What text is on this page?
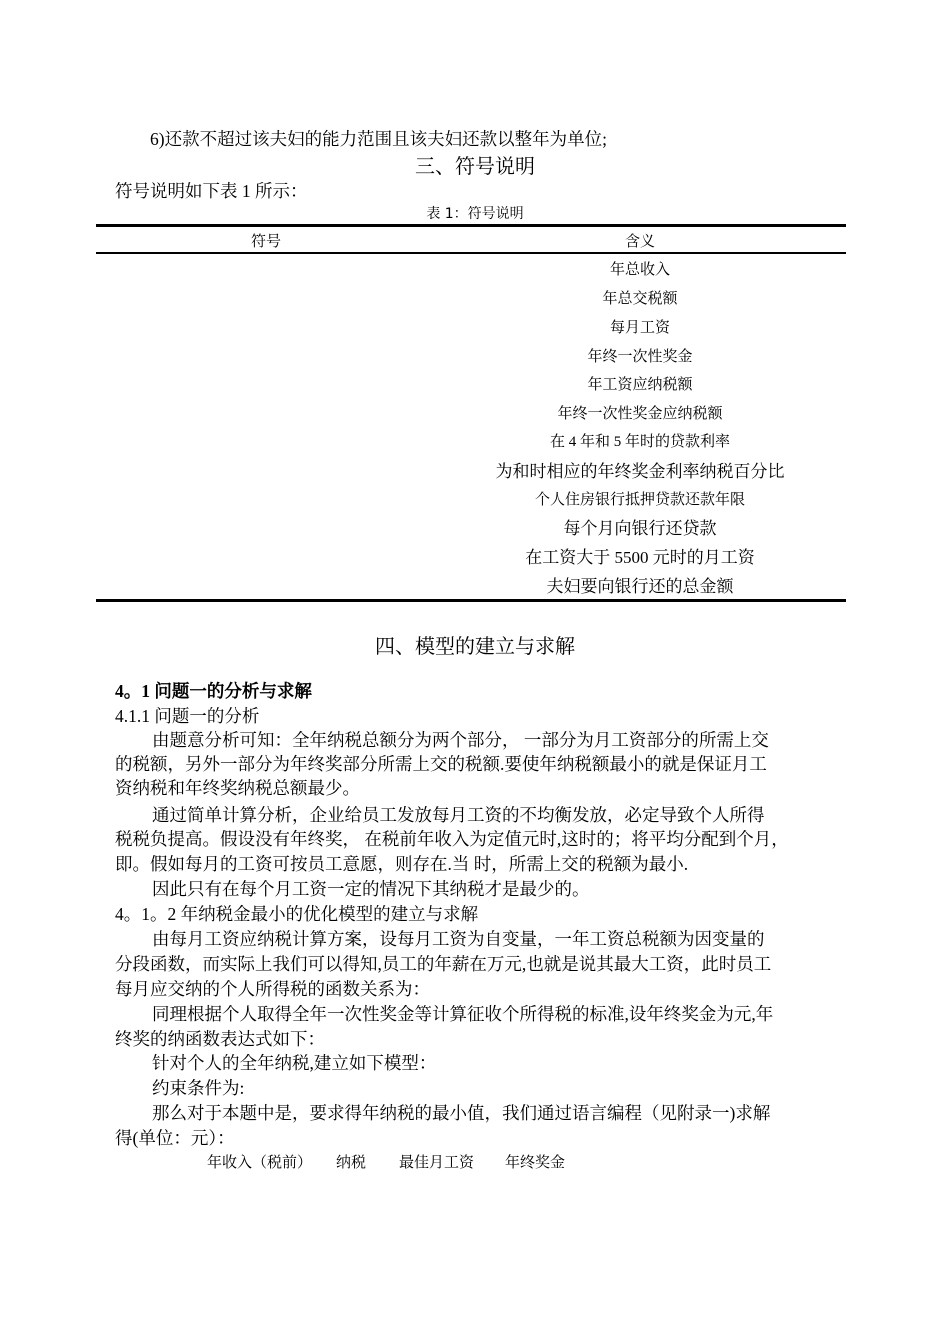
6)还款不超过该夫妇的能力范围且该夫妇还款以整年为单位;
三、符号说明
符号说明如下表 1 所示：
表 1：符号说明
符号	含义
年总收入
年总交税额
每月工资
年终一次性奖金
年工资应纳税额
年终一次性奖金应纳税额
在 4 年和 5 年时的贷款利率
为和时相应的年终奖金利率纳税百分比
个人住房银行抵押贷款还款年限
每个月向银行还贷款
在工资大于 5500 元时的月工资
夫妇要向银行还的总金额
四、模型的建立与求解
4。1 问题一的分析与求解
4.1.1 问题一的分析
由题意分析可知：全年纳税总额分为两个部分， 一部分为月工资部分的所需上交
的税额，另外一部分为年终奖部分所需上交的税额.要使年纳税额最小的就是保证月工
资纳税和年终奖纳税总额最少。
通过简单计算分析，企业给员工发放每月工资的不均衡发放，必定导致个人所得
税税负提高。假设没有年终奖， 在税前年收入为定值元时,这时的；将平均分配到个月，
即。假如每月的工资可按员工意愿，则存在.当 时，所需上交的税额为最小.
因此只有在每个月工资一定的情况下其纳税才是最少的。
4。1。2 年纳税金最小的优化模型的建立与求解
由每月工资应纳税计算方案，设每月工资为自变量，一年工资总税额为因变量的
分段函数，而实际上我们可以得知,员工的年薪在万元,也就是说其最大工资，此时员工
每月应交纳的个人所得税的函数关系为：
同理根据个人取得全年一次性奖金等计算征收个所得税的标准,设年终奖金为元,年
终奖的纳函数表达式如下：
针对个人的全年纳税,建立如下模型：
约束条件为:
那么对于本题中是，要求得年纳税的最小值，我们通过语言编程（见附录一)求解
得(单位：元）：
年收入（税前） 纳税 最佳月工资 年终奖金
